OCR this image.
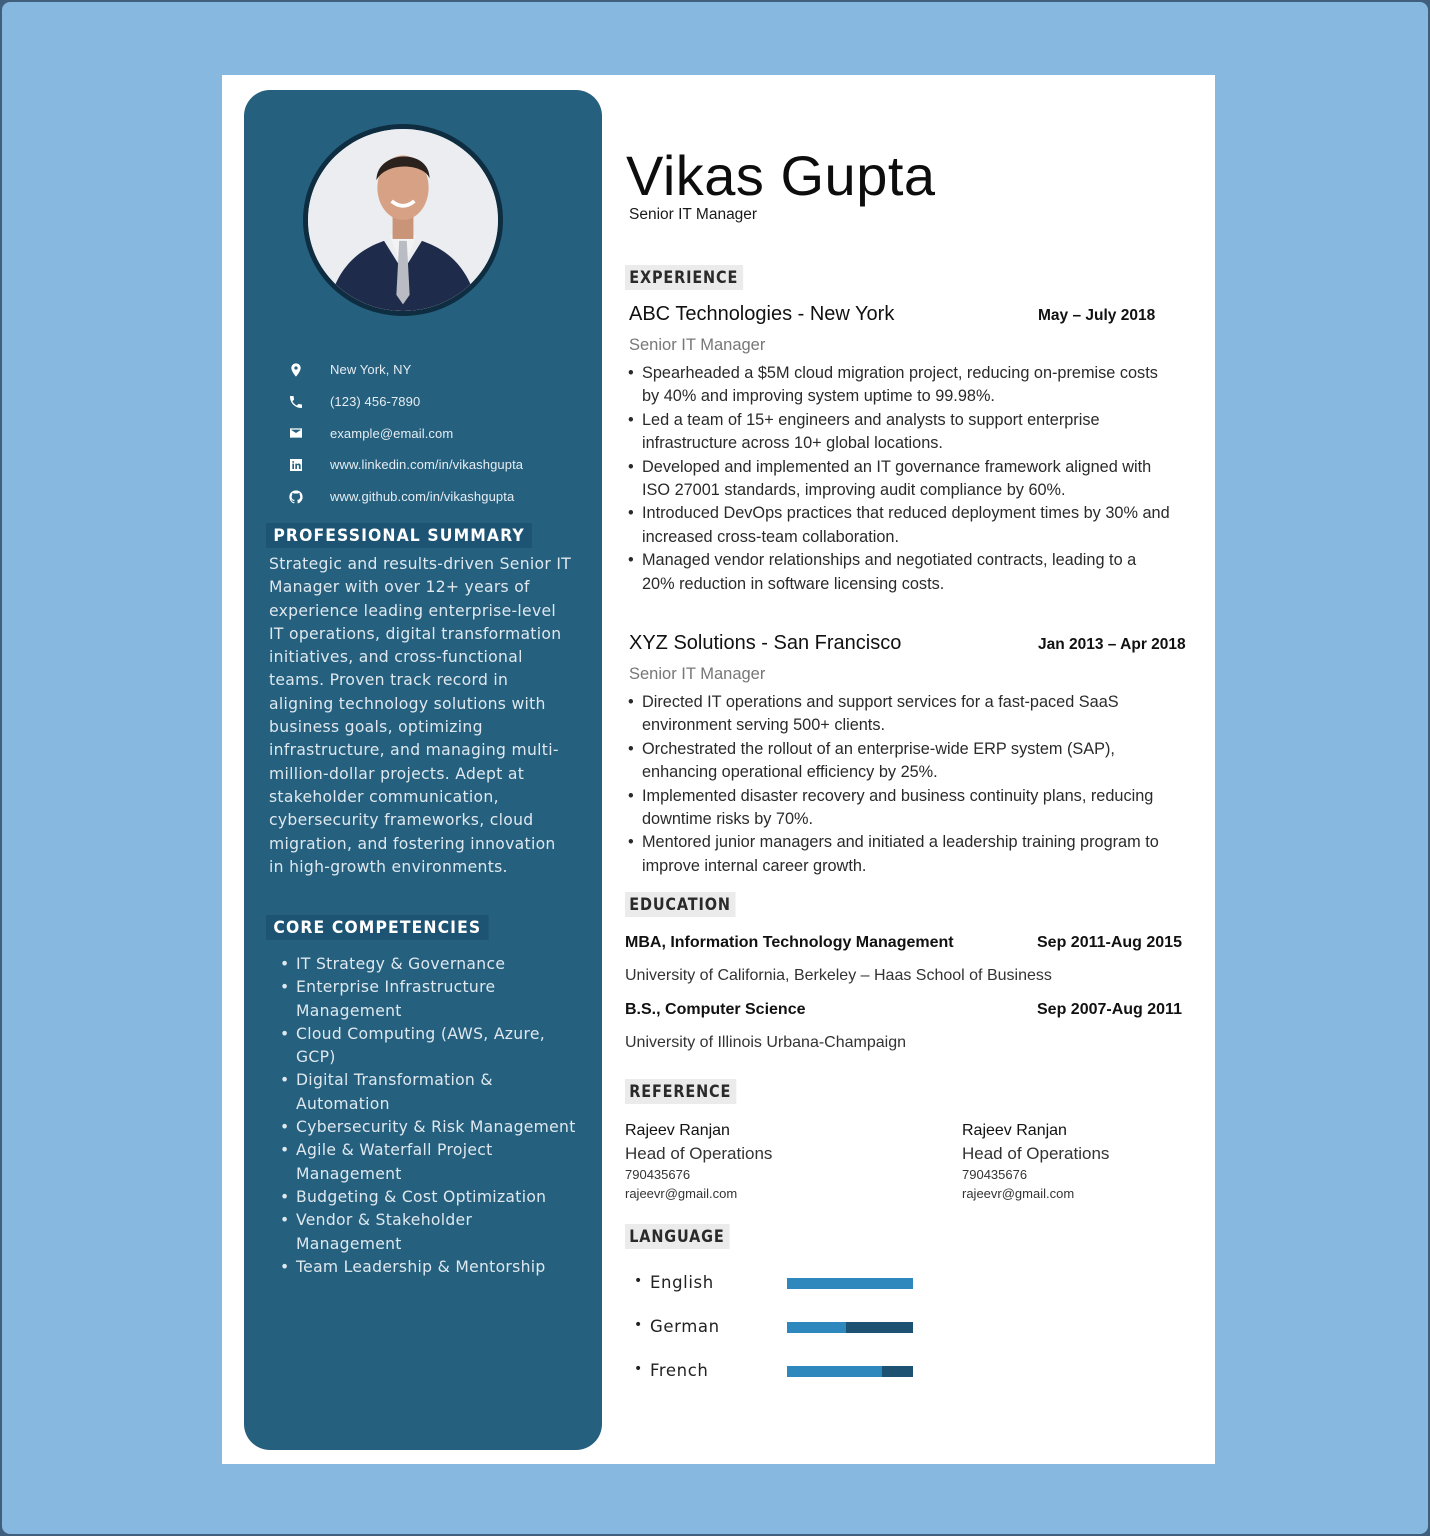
New York, NY
(123) 456-7890
example@email.com
www.linkedin.com/in/vikashgupta
www.github.com/in/vikashgupta
PROFESSIONAL SUMMARY

Strategic and results-driven Senior IT Manager with over 12+ years of experience leading enterprise-level IT operations, digital transformation initiatives, and cross-functional teams. Proven track record in aligning technology solutions with business goals, optimizing infrastructure, and managing multi-million-dollar projects. Adept at stakeholder communication, cybersecurity frameworks, cloud migration, and fostering innovation in high-growth environments.

CORE COMPETENCIES
• IT Strategy & Governance
• Enterprise Infrastructure Management
• Cloud Computing (AWS, Azure, GCP)
• Digital Transformation & Automation
• Cybersecurity & Risk Management
• Agile & Waterfall Project Management
• Budgeting & Cost Optimization
• Vendor & Stakeholder Management
• Team Leadership & Mentorship
Vikas Gupta
Senior IT Manager
EXPERIENCE
ABC Technologies - New York	May – July 2018
Senior IT Manager
• Spearheaded a $5M cloud migration project, reducing on-premise costs by 40% and improving system uptime to 99.98%.
• Led a team of 15+ engineers and analysts to support enterprise infrastructure across 10+ global locations.
• Developed and implemented an IT governance framework aligned with ISO 27001 standards, improving audit compliance by 60%.
• Introduced DevOps practices that reduced deployment times by 30% and increased cross-team collaboration.
• Managed vendor relationships and negotiated contracts, leading to a 20% reduction in software licensing costs.
XYZ Solutions - San Francisco	Jan 2013 – Apr 2018
Senior IT Manager
• Directed IT operations and support services for a fast-paced SaaS environment serving 500+ clients.
• Orchestrated the rollout of an enterprise-wide ERP system (SAP), enhancing operational efficiency by 25%.
• Implemented disaster recovery and business continuity plans, reducing downtime risks by 70%.
• Mentored junior managers and initiated a leadership training program to improve internal career growth.
EDUCATION
MBA, Information Technology Management	Sep 2011-Aug 2015
University of California, Berkeley – Haas School of Business
B.S., Computer Science	Sep 2007-Aug 2011
University of Illinois Urbana-Champaign
REFERENCE
Rajeev Ranjan
Head of Operations
790435676
rajeevr@gmail.com
Rajeev Ranjan
Head of Operations
790435676
rajeevr@gmail.com
LANGUAGE
• English
• German
• French
